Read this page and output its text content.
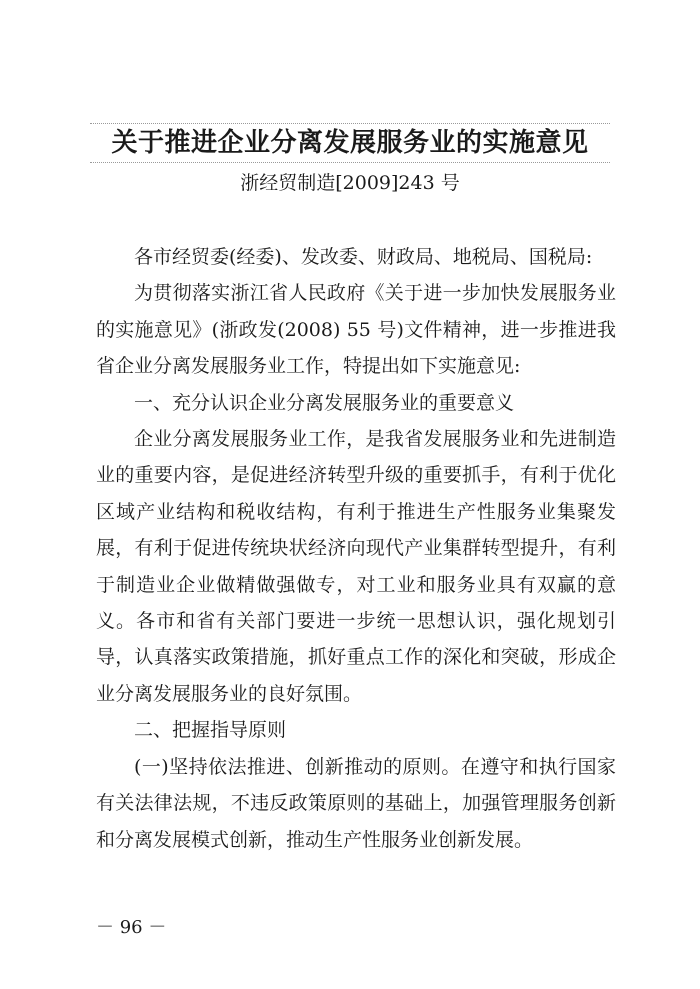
关于推进企业分离发展服务业的实施意见
浙经贸制造[2009]243 号

各市经贸委(经委)、发改委、财政局、地税局、国税局:

为贯彻落实浙江省人民政府《关于进一步加快发展服务业的实施意见》(浙政发(2008) 55 号)文件精神，进一步推进我省企业分离发展服务业工作，特提出如下实施意见:

一、充分认识企业分离发展服务业的重要意义

企业分离发展服务业工作，是我省发展服务业和先进制造业的重要内容，是促进经济转型升级的重要抓手，有利于优化区域产业结构和税收结构，有利于推进生产性服务业集聚发展，有利于促进传统块状经济向现代产业集群转型提升，有利于制造业企业做精做强做专，对工业和服务业具有双赢的意义。各市和省有关部门要进一步统一思想认识，强化规划引导，认真落实政策措施，抓好重点工作的深化和突破，形成企业分离发展服务业的良好氛围。

二、把握指导原则

(一)坚持依法推进、创新推动的原则。在遵守和执行国家有关法律法规，不违反政策原则的基础上，加强管理服务创新和分离发展模式创新，推动生产性服务业创新发展。

－ 96 －
